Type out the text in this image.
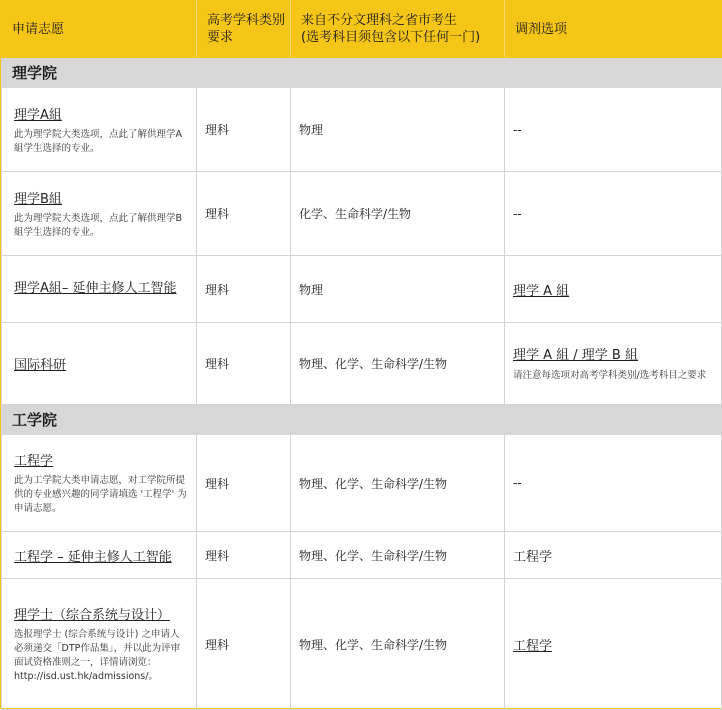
申请志愿	高考学科类别要求	来自不分文理科之省市考生
(选考科目须包含以下任何一门)	调剂选项
理学院			
理学A組
此为理学院大类选项，点此了解供理学A組学生选择的专业。	理科	物理	--
理学B組
此为理学院大类选项，点此了解供理学B組学生选择的专业。	理科	化学、生命科学/生物	--
理学A組– 延伸主修人工智能	理科	物理	理学 A 組
国际科研	理科	物理、化学、生命科学/生物	理学 A 組 / 理学 B 組
请注意每选项对高考学科类别/选考科目之要求

工学院			
工程学
此为工学院大类申请志愿，对工学院所提供的专业感兴趣的同学请填选 '工程学' 为申请志愿。	理科	物理、化学、生命科学/生物	--
工程学 – 延伸主修人工智能	理科	物理、化学、生命科学/生物	工程学
理学士（综合系统与设计）
选报理学士 (综合系统与设计) 之申请人必须递交「DTP作品集」，并以此为评审面试资格准则之一，详情请浏览：http://isd.ust.hk/admissions/。	理科	物理、化学、生命科学/生物	工程学
